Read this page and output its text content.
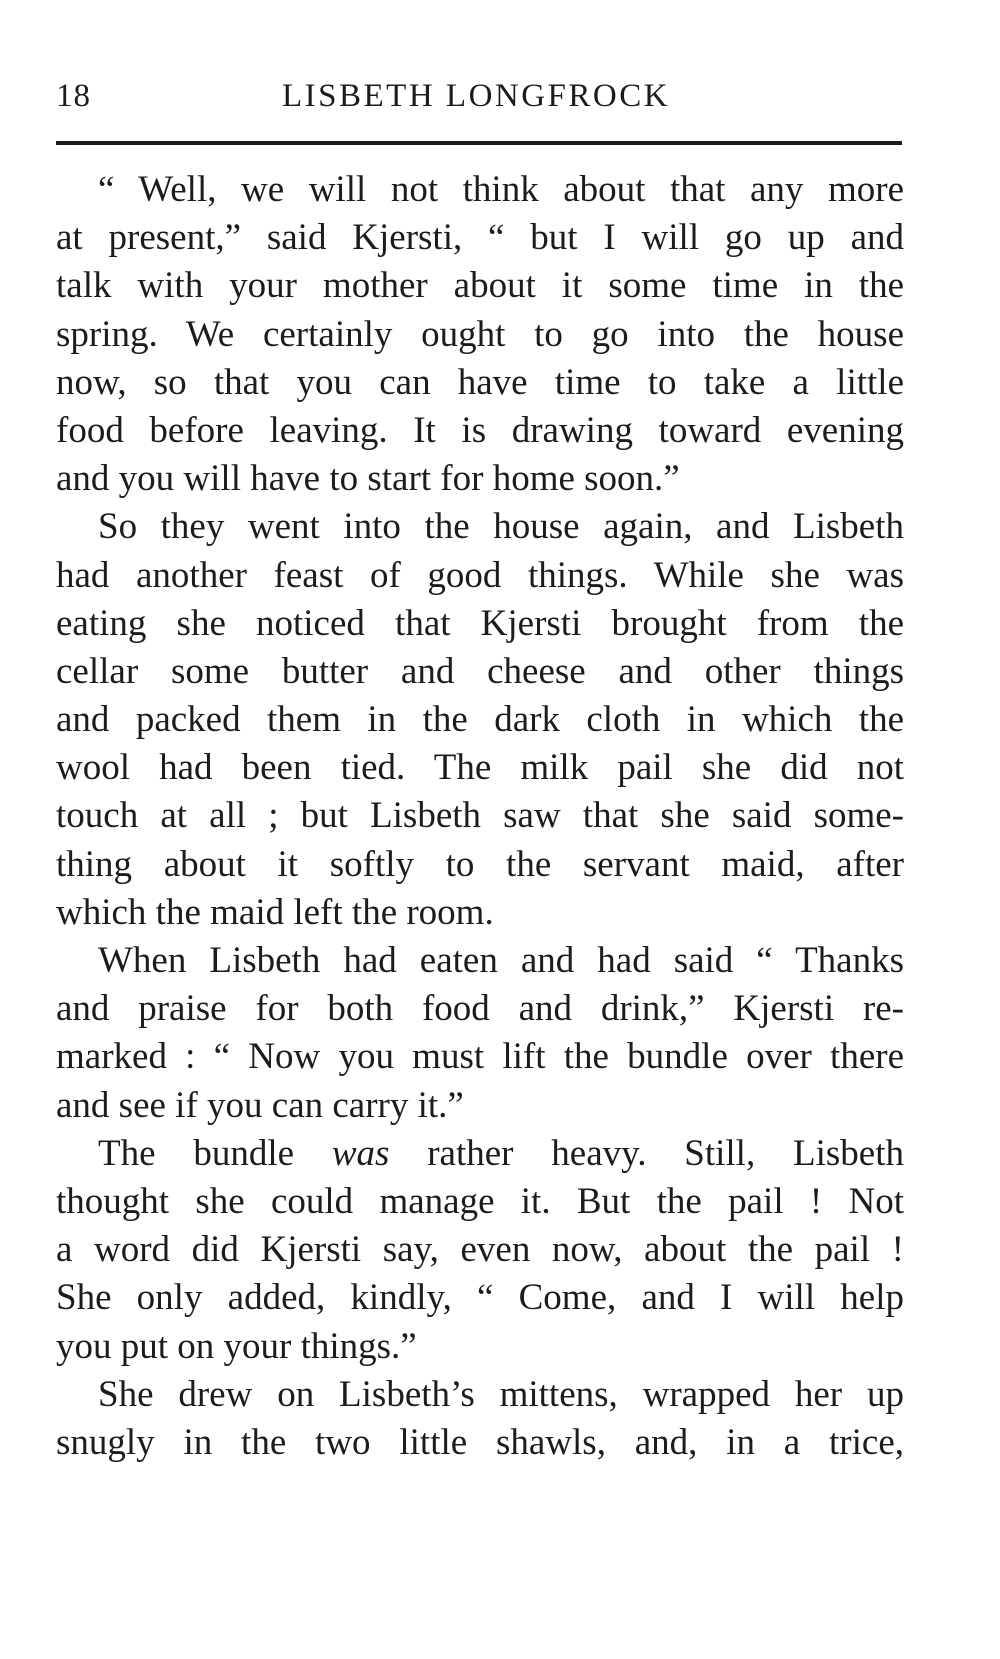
18	LISBETH LONGFROCK
“ Well, we will not think about that any more
at present,” said Kjersti, “ but I will go up and
talk with your mother about it some time in the
spring. We certainly ought to go into the house
now, so that you can have time to take a little
food before leaving. It is drawing toward evening
and you will have to start for home soon.”
So they went into the house again, and Lisbeth
had another feast of good things. While she was
eating she noticed that Kjersti brought from the
cellar some butter and cheese and other things
and packed them in the dark cloth in which the
wool had been tied. The milk pail she did not
touch at all ; but Lisbeth saw that she said some-
thing about it softly to the servant maid, after
which the maid left the room.
When Lisbeth had eaten and had said “ Thanks
and praise for both food and drink,” Kjersti re-
marked : “ Now you must lift the bundle over there
and see if you can carry it.”
The bundle was rather heavy. Still, Lisbeth
thought she could manage it. But the pail ! Not
a word did Kjersti say, even now, about the pail !
She only added, kindly, “ Come, and I will help
you put on your things.”
She drew on Lisbeth’s mittens, wrapped her up
snugly in the two little shawls, and, in a trice,
